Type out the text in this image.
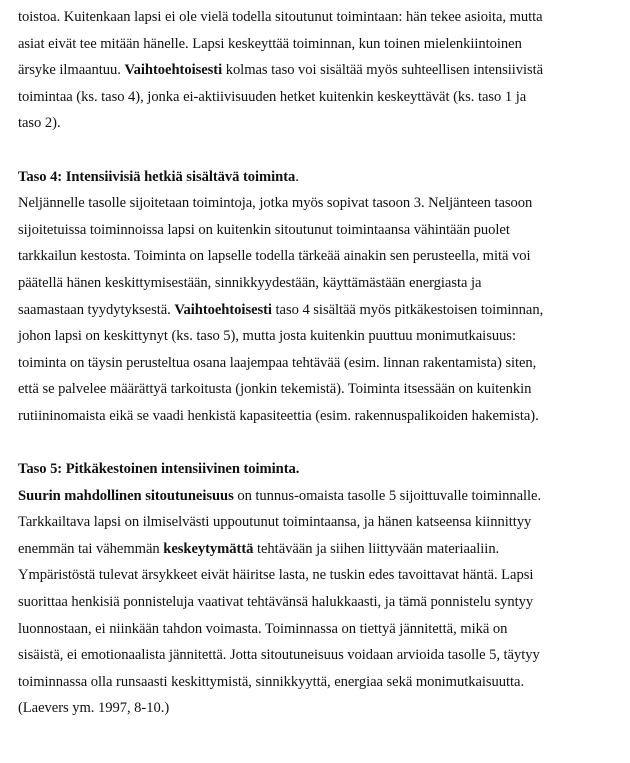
toistoa. Kuitenkaan lapsi ei ole vielä todella sitoutunut toimintaan: hän tekee asioita, mutta
asiat eivät tee mitään hänelle. Lapsi keskeyttää toiminnan, kun toinen mielenkiintoinen
ärsyke ilmaantuu. Vaihtoehtoisesti kolmas taso voi sisältää myös suhteellisen intensiivistä
toimintaa (ks. taso 4), jonka ei-aktiivisuuden hetket kuitenkin keskeyttävät (ks. taso 1 ja
taso 2).
Taso 4: Intensiivisiä hetkiä sisältävä toiminta.
Neljännelle tasolle sijoitetaan toimintoja, jotka myös sopivat tasoon 3. Neljänteen tasoon
sijoitetuissa toiminnoissa lapsi on kuitenkin sitoutunut toimintaansa vähintään puolet
tarkkailun kestosta. Toiminta on lapselle todella tärkeää ainakin sen perusteella, mitä voi
päätellä hänen keskittymisestään, sinnikkyydestään, käyttämästään energiasta ja
saamastaan tyydytyksestä. Vaihtoehtoisesti taso 4 sisältää myös pitkäkestoisen toiminnan,
johon lapsi on keskittynyt (ks. taso 5), mutta josta kuitenkin puuttuu monimutkaisuus:
toiminta on täysin perusteltua osana laajempaa tehtävää (esim. linnan rakentamista) siten,
että se palvelee määrättyä tarkoitusta (jonkin tekemistä). Toiminta itsessään on kuitenkin
rutiininomaista eikä se vaadi henkistä kapasiteettia (esim. rakennuspalikoiden hakemista).
Taso 5: Pitkäkestoinen intensiivinen toiminta.
Suurin mahdollinen sitoutuneisuus on tunnus-omaista tasolle 5 sijoittuvalle toiminnalle.
Tarkkailtava lapsi on ilmiselvästi uppoutunut toimintaansa, ja hänen katseensa kiinnittyy
enemmän tai vähemmän keskeytymättä tehtävään ja siihen liittyvään materiaaliin.
Ympäristöstä tulevat ärsykkeet eivät häiritse lasta, ne tuskin edes tavoittavat häntä. Lapsi
suorittaa henkisiä ponnisteluja vaativat tehtävänsä halukkaasti, ja tämä ponnistelu syntyy
luonnostaan, ei niinkään tahdon voimasta. Toiminnassa on tiettyä jännitettä, mikä on
sisäistä, ei emotionaalista jännitettä. Jotta sitoutuneisuus voidaan arvioida tasolle 5, täytyy
toiminnassa olla runsaasti keskittymistä, sinnikkyyttä, energiaa sekä monimutkaisuutta.
(Laevers ym. 1997, 8-10.)
